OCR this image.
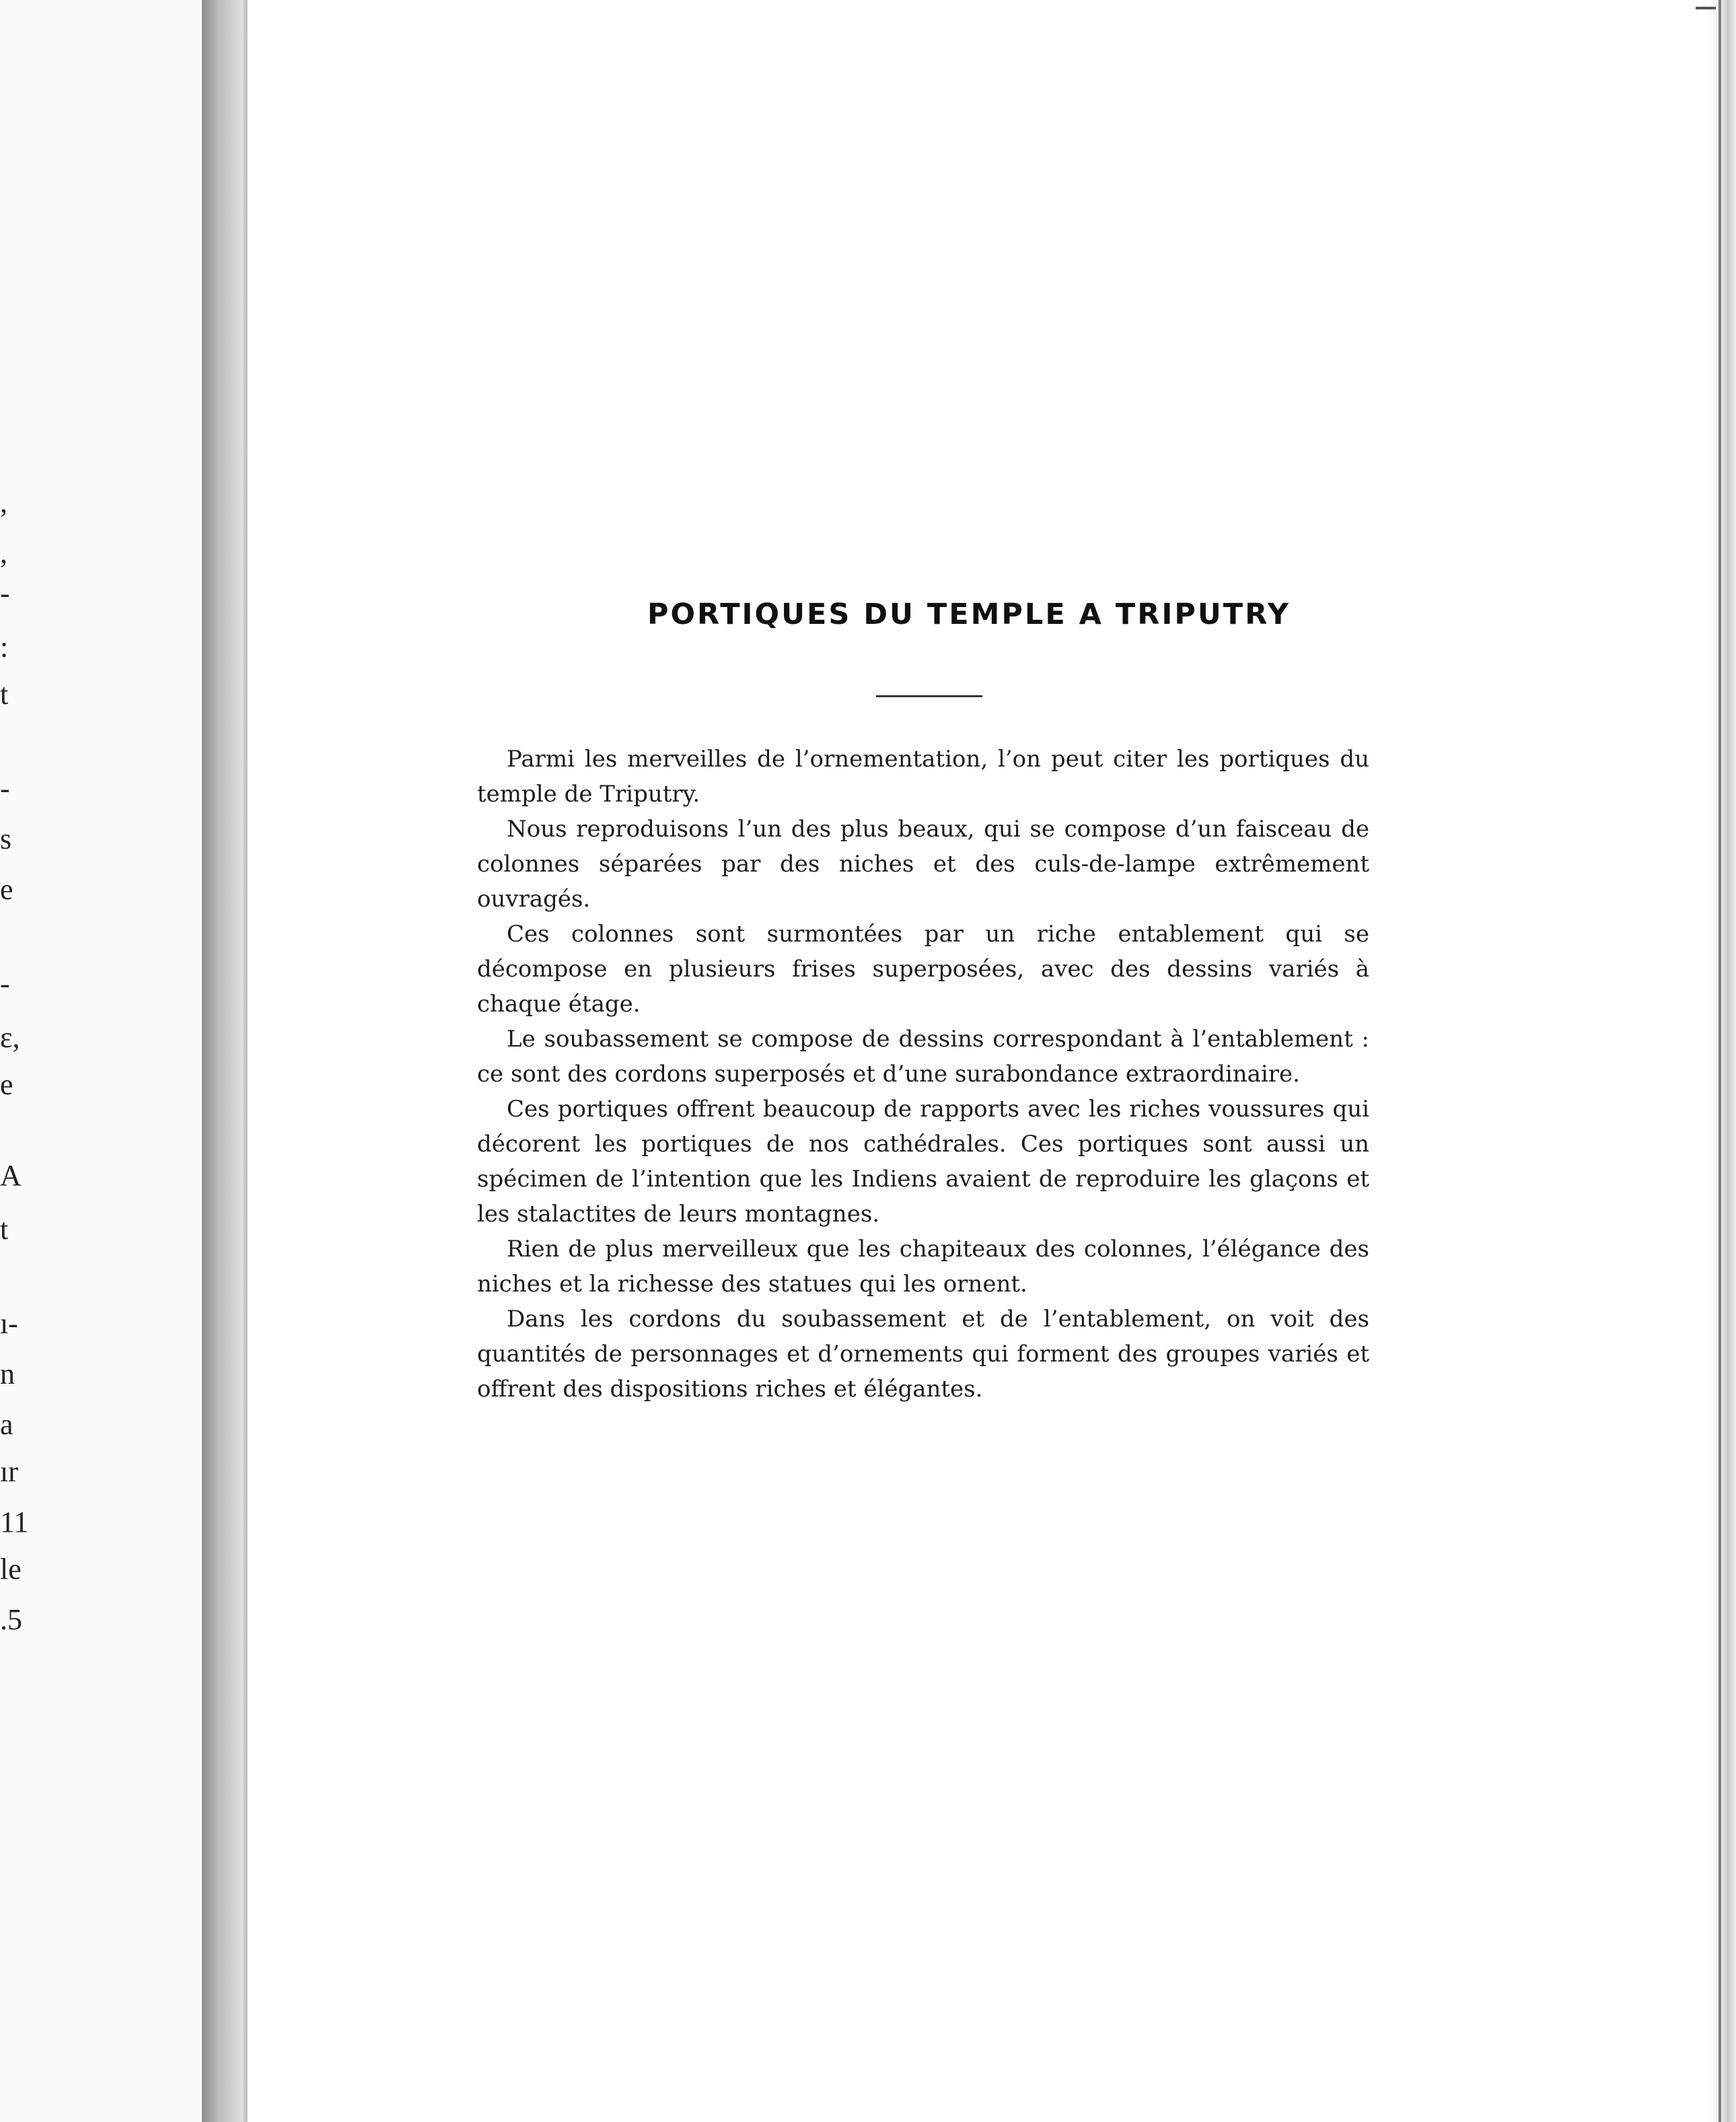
,
,
-
:
t
-
s
e
-
ɛ,
e
A
t
ı-
n
a
ır
11
le
.5
PORTIQUES DU TEMPLE A TRIPUTRY

Parmi les merveilles de l’ornementation, l’on peut citer les portiques du temple de Triputry.

Nous reproduisons l’un des plus beaux, qui se compose d’un faisceau de colonnes séparées par des niches et des culs-de-lampe extrêmement ouvragés.

Ces colonnes sont surmontées par un riche entablement qui se décompose en plusieurs frises superposées, avec des dessins variés à chaque étage.

Le soubassement se compose de dessins correspondant à l’entablement : ce sont des cordons superposés et d’une surabondance extraordinaire.

Ces portiques offrent beaucoup de rapports avec les riches voussures qui décorent les portiques de nos cathédrales. Ces portiques sont aussi un spécimen de l’intention que les Indiens avaient de reproduire les glaçons et les stalactites de leurs montagnes.

Rien de plus merveilleux que les chapiteaux des colonnes, l’élégance des niches et la richesse des statues qui les ornent.

Dans les cordons du soubassement et de l’entablement, on voit des quantités de personnages et d’ornements qui forment des groupes variés et offrent des dispositions riches et élégantes.
